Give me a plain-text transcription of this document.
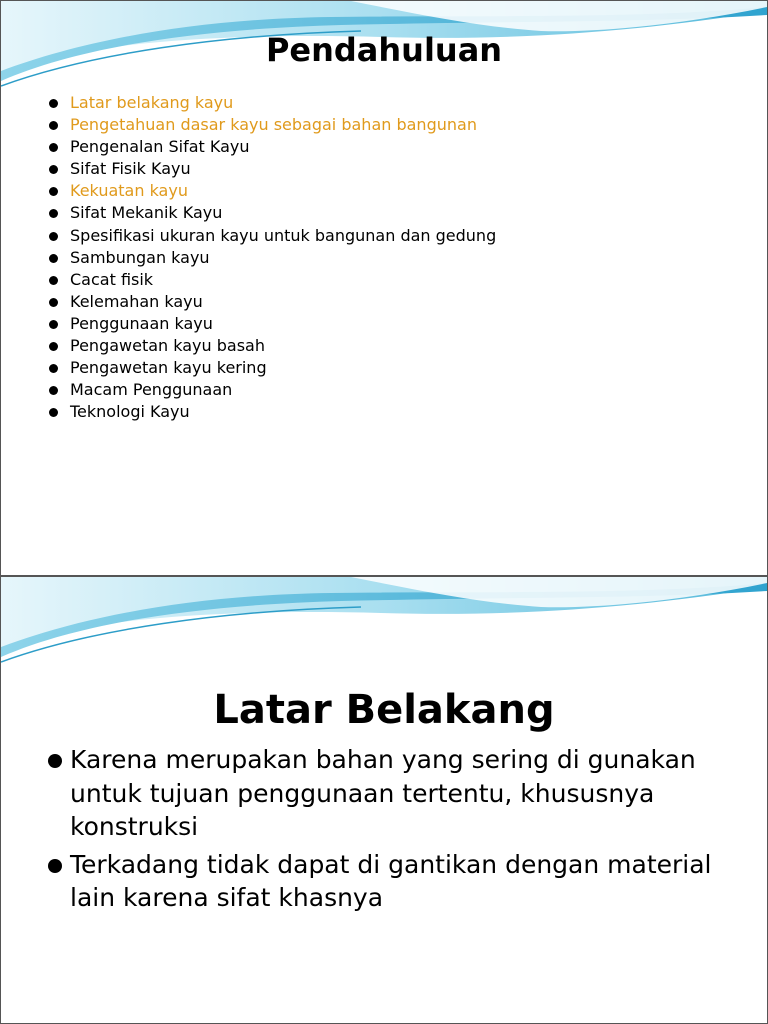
Pendahuluan
Latar belakang kayu
Pengetahuan dasar kayu sebagai bahan bangunan
Pengenalan Sifat Kayu
Sifat Fisik Kayu
Kekuatan kayu
Sifat Mekanik Kayu
Spesifikasi ukuran kayu untuk bangunan dan gedung
Sambungan kayu
Cacat fisik
Kelemahan kayu
Penggunaan kayu
Pengawetan kayu basah
Pengawetan kayu kering
Macam Penggunaan
Teknologi Kayu
Latar Belakang
Karena merupakan bahan yang sering di gunakan untuk tujuan penggunaan tertentu, khususnya konstruksi
Terkadang tidak dapat di gantikan dengan material lain karena sifat khasnya
